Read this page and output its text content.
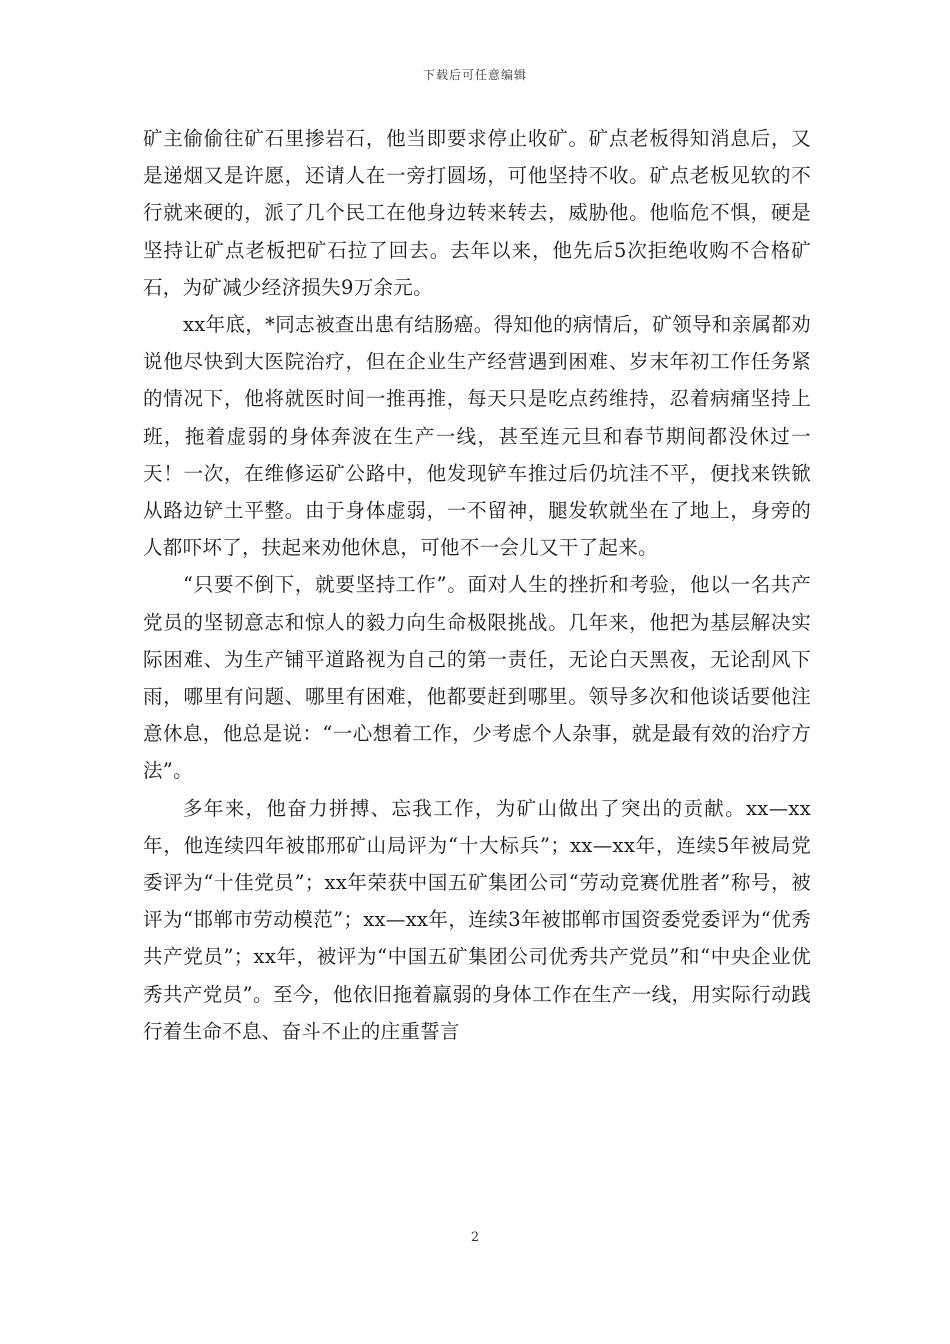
下载后可任意编辑

矿主偷偷往矿石里掺岩石，他当即要求停止收矿。矿点老板得知消息后，又是递烟又是许愿，还请人在一旁打圆场，可他坚持不收。矿点老板见软的不行就来硬的，派了几个民工在他身边转来转去，威胁他。他临危不惧，硬是坚持让矿点老板把矿石拉了回去。去年以来，他先后5次拒绝收购不合格矿石，为矿减少经济损失9万余元。

xx年底，*同志被查出患有结肠癌。得知他的病情后，矿领导和亲属都劝说他尽快到大医院治疗，但在企业生产经营遇到困难、岁末年初工作任务紧的情况下，他将就医时间一推再推，每天只是吃点药维持，忍着病痛坚持上班，拖着虚弱的身体奔波在生产一线，甚至连元旦和春节期间都没休过一天！一次，在维修运矿公路中，他发现铲车推过后仍坑洼不平，便找来铁锨从路边铲土平整。由于身体虚弱，一不留神，腿发软就坐在了地上，身旁的人都吓坏了，扶起来劝他休息，可他不一会儿又干了起来。

“只要不倒下，就要坚持工作”。面对人生的挫折和考验，他以一名共产党员的坚韧意志和惊人的毅力向生命极限挑战。几年来，他把为基层解决实际困难、为生产铺平道路视为自己的第一责任，无论白天黑夜，无论刮风下雨，哪里有问题、哪里有困难，他都要赶到哪里。领导多次和他谈话要他注意休息，他总是说：“一心想着工作，少考虑个人杂事，就是最有效的治疗方法”。

多年来，他奋力拼搏、忘我工作，为矿山做出了突出的贡献。xx—xx年，他连续四年被邯邢矿山局评为“十大标兵”；xx—xx年，连续5年被局党委评为“十佳党员”；xx年荣获中国五矿集团公司“劳动竞赛优胜者”称号，被评为“邯郸市劳动模范”；xx—xx年，连续3年被邯郸市国资委党委评为“优秀共产党员”；xx年，被评为“中国五矿集团公司优秀共产党员”和“中央企业优秀共产党员”。至今，他依旧拖着羸弱的身体工作在生产一线，用实际行动践行着生命不息、奋斗不止的庄重誓言

2
